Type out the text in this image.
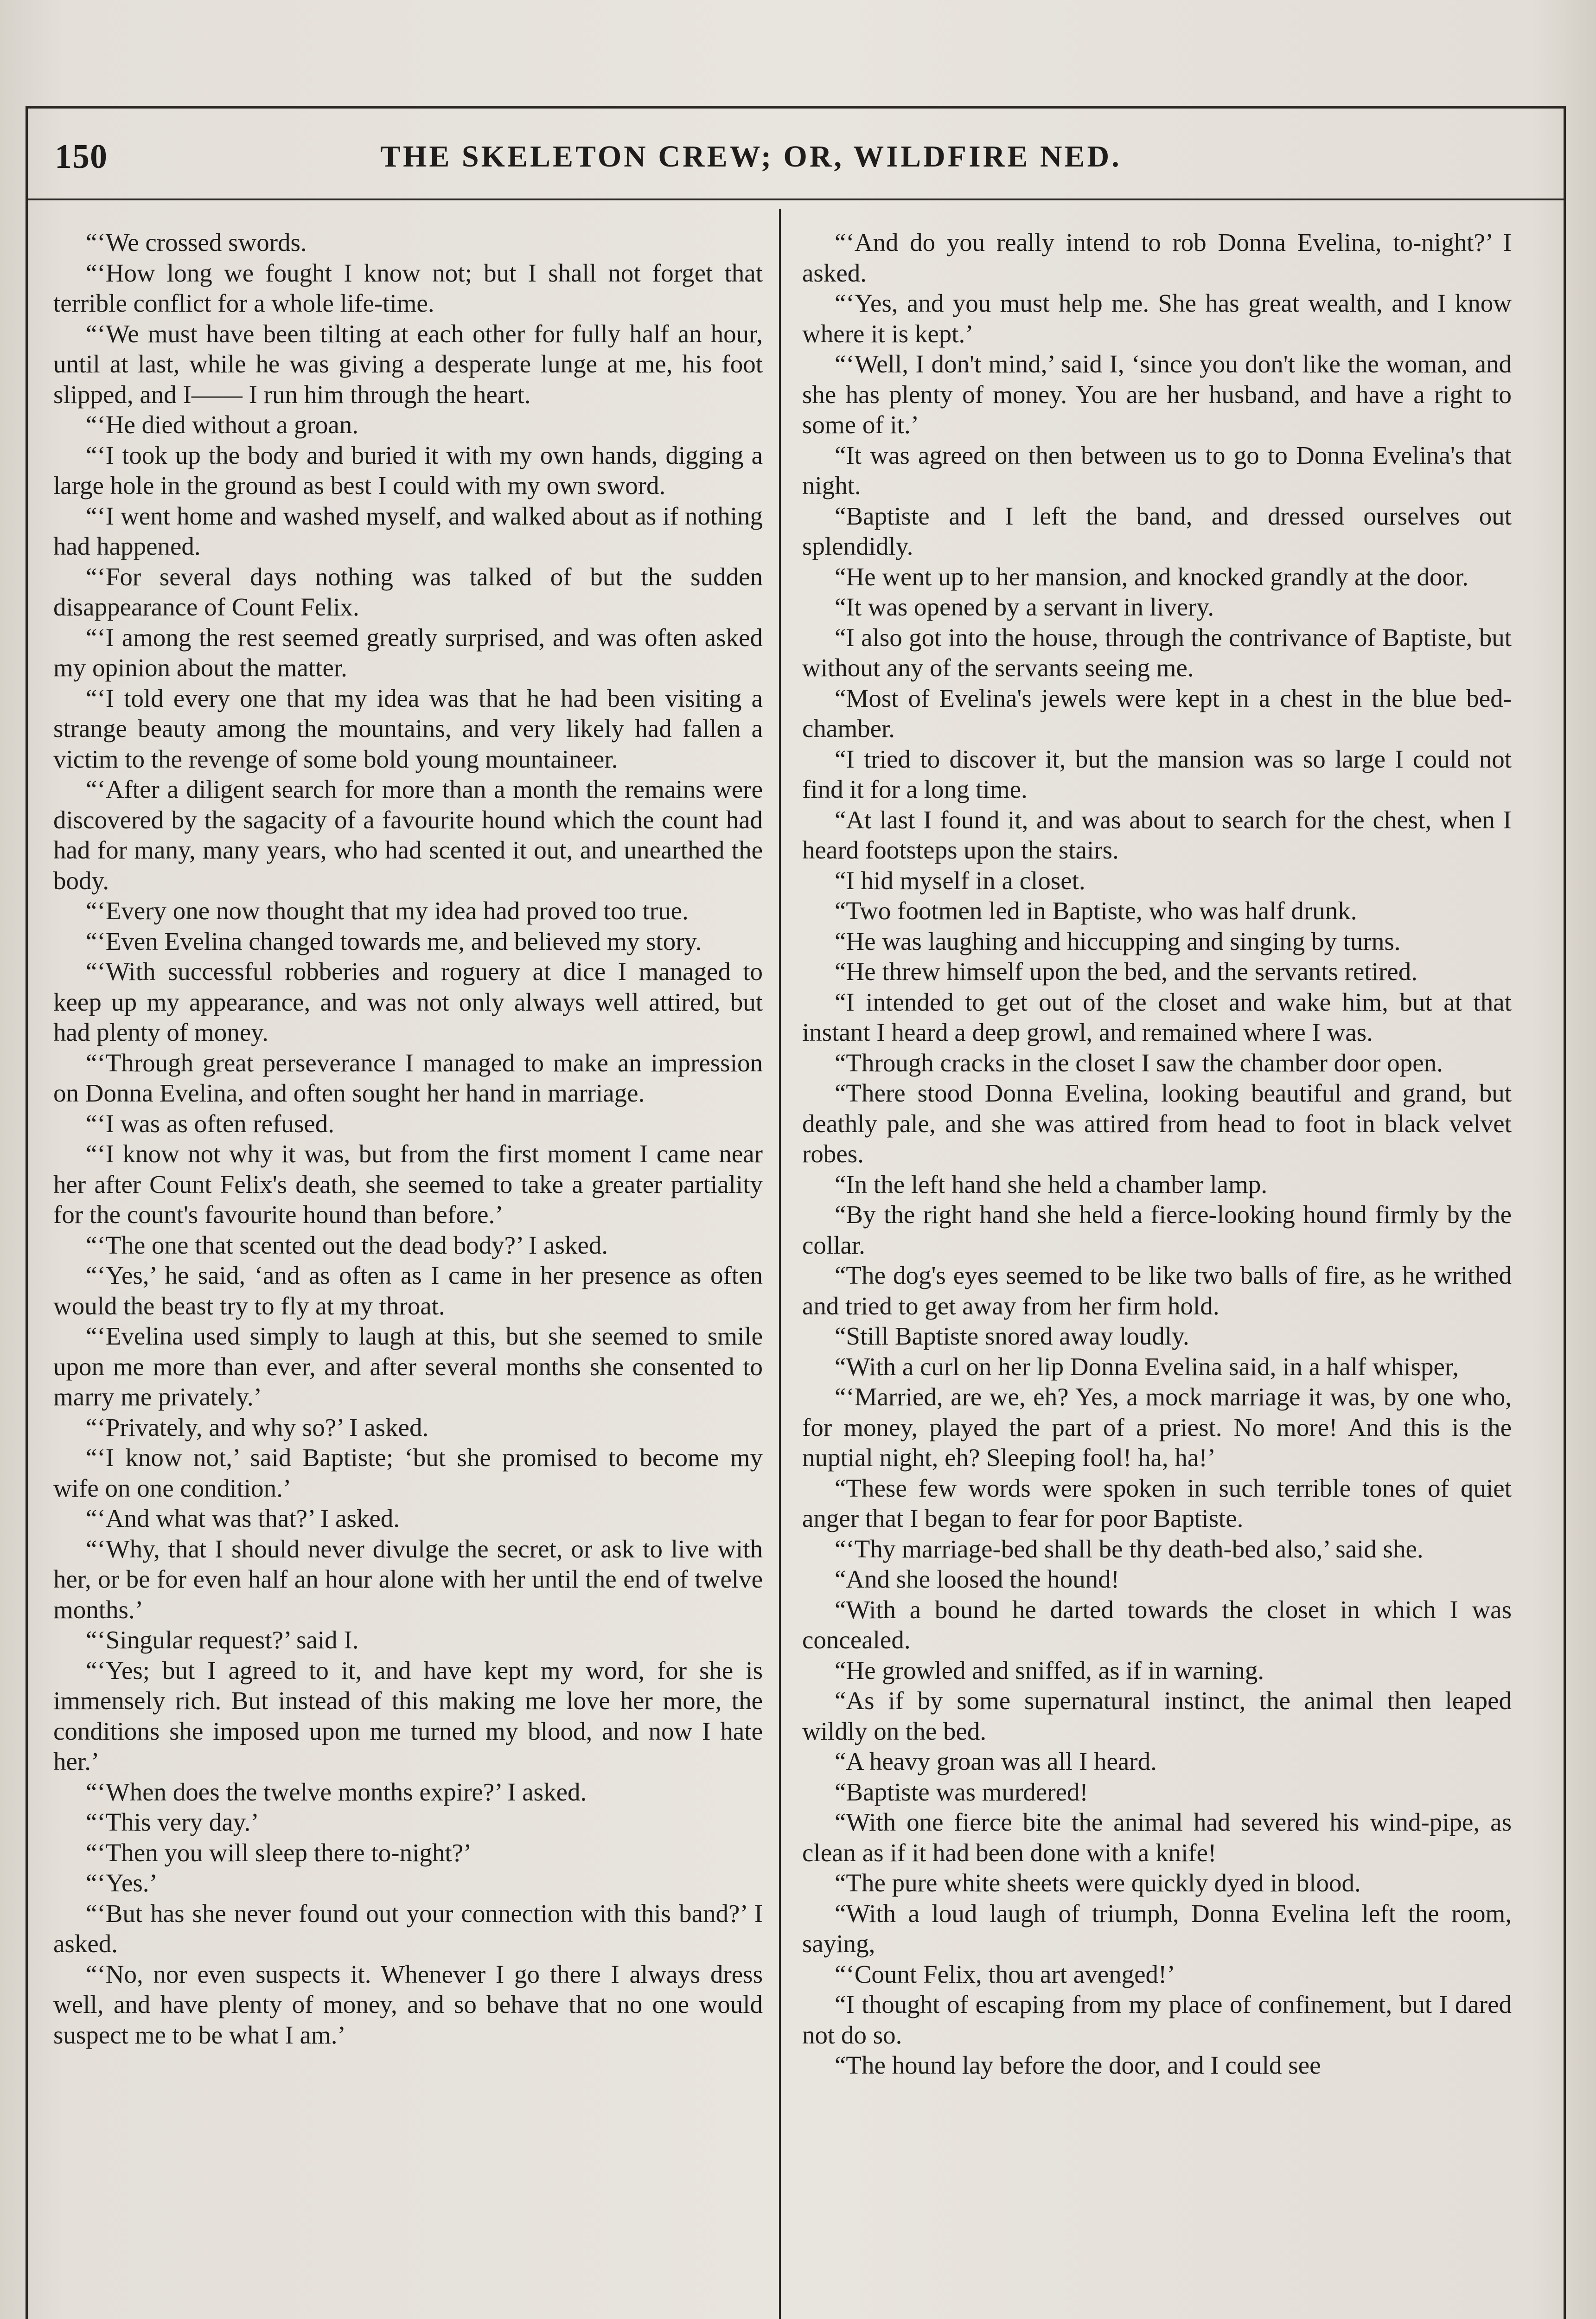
150	THE SKELETON CREW; OR, WILDFIRE NED.

“‘We crossed swords.

“‘How long we fought I know not; but I shall not forget that terrible conflict for a whole life-time.

“‘We must have been tilting at each other for fully half an hour, until at last, while he was giving a desperate lunge at me, his foot slipped, and I—— I run him through the heart.

“‘He died without a groan.

“‘I took up the body and buried it with my own hands, digging a large hole in the ground as best I could with my own sword.

“‘I went home and washed myself, and walked about as if nothing had happened.

“‘For several days nothing was talked of but the sudden disappearance of Count Felix.

“‘I among the rest seemed greatly surprised, and was often asked my opinion about the matter.

“‘I told every one that my idea was that he had been visiting a strange beauty among the mountains, and very likely had fallen a victim to the revenge of some bold young mountaineer.

“‘After a diligent search for more than a month the remains were discovered by the sagacity of a favourite hound which the count had had for many, many years, who had scented it out, and unearthed the body.

“‘Every one now thought that my idea had proved too true.

“‘Even Evelina changed towards me, and believed my story.

“‘With successful robberies and roguery at dice I managed to keep up my appearance, and was not only always well attired, but had plenty of money.

“‘Through great perseverance I managed to make an impression on Donna Evelina, and often sought her hand in marriage.

“‘I was as often refused.

“‘I know not why it was, but from the first moment I came near her after Count Felix's death, she seemed to take a greater partiality for the count's favourite hound than before.’

“‘The one that scented out the dead body?’ I asked.

“‘Yes,’ he said, ‘and as often as I came in her presence as often would the beast try to fly at my throat.

“‘Evelina used simply to laugh at this, but she seemed to smile upon me more than ever, and after several months she consented to marry me privately.’

“‘Privately, and why so?’ I asked.

“‘I know not,’ said Baptiste; ‘but she promised to become my wife on one condition.’

“‘And what was that?’ I asked.

“‘Why, that I should never divulge the secret, or ask to live with her, or be for even half an hour alone with her until the end of twelve months.’

“‘Singular request?’ said I.

“‘Yes; but I agreed to it, and have kept my word, for she is immensely rich. But instead of this making me love her more, the conditions she imposed upon me turned my blood, and now I hate her.’

“‘When does the twelve months expire?’ I asked.

“‘This very day.’

“‘Then you will sleep there to-night?’

“‘Yes.’

“‘But has she never found out your connection with this band?’ I asked.

“‘No, nor even suspects it. Whenever I go there I always dress well, and have plenty of money, and so behave that no one would suspect me to be what I am.’

“‘And do you really intend to rob Donna Evelina, to-night?’ I asked.

“‘Yes, and you must help me. She has great wealth, and I know where it is kept.’

“‘Well, I don't mind,’ said I, ‘since you don't like the woman, and she has plenty of money. You are her husband, and have a right to some of it.’

“It was agreed on then between us to go to Donna Evelina's that night.

“Baptiste and I left the band, and dressed ourselves out splendidly.

“He went up to her mansion, and knocked grandly at the door.

“It was opened by a servant in livery.

“I also got into the house, through the contrivance of Baptiste, but without any of the servants seeing me.

“Most of Evelina's jewels were kept in a chest in the blue bed-chamber.

“I tried to discover it, but the mansion was so large I could not find it for a long time.

“At last I found it, and was about to search for the chest, when I heard footsteps upon the stairs.

“I hid myself in a closet.

“Two footmen led in Baptiste, who was half drunk.

“He was laughing and hiccupping and singing by turns.

“He threw himself upon the bed, and the servants retired.

“I intended to get out of the closet and wake him, but at that instant I heard a deep growl, and remained where I was.

“Through cracks in the closet I saw the chamber door open.

“There stood Donna Evelina, looking beautiful and grand, but deathly pale, and she was attired from head to foot in black velvet robes.

“In the left hand she held a chamber lamp.

“By the right hand she held a fierce-looking hound firmly by the collar.

“The dog's eyes seemed to be like two balls of fire, as he writhed and tried to get away from her firm hold.

“Still Baptiste snored away loudly.

“With a curl on her lip Donna Evelina said, in a half whisper,

“‘Married, are we, eh? Yes, a mock marriage it was, by one who, for money, played the part of a priest. No more! And this is the nuptial night, eh? Sleeping fool! ha, ha!’

“These few words were spoken in such terrible tones of quiet anger that I began to fear for poor Baptiste.

“‘Thy marriage-bed shall be thy death-bed also,’ said she.

“And she loosed the hound!

“With a bound he darted towards the closet in which I was concealed.

“He growled and sniffed, as if in warning.

“As if by some supernatural instinct, the animal then leaped wildly on the bed.

“A heavy groan was all I heard.

“Baptiste was murdered!

“With one fierce bite the animal had severed his wind-pipe, as clean as if it had been done with a knife!

“The pure white sheets were quickly dyed in blood.

“With a loud laugh of triumph, Donna Evelina left the room, saying,

“‘Count Felix, thou art avenged!’

“I thought of escaping from my place of confinement, but I dared not do so.

“The hound lay before the door, and I could see
